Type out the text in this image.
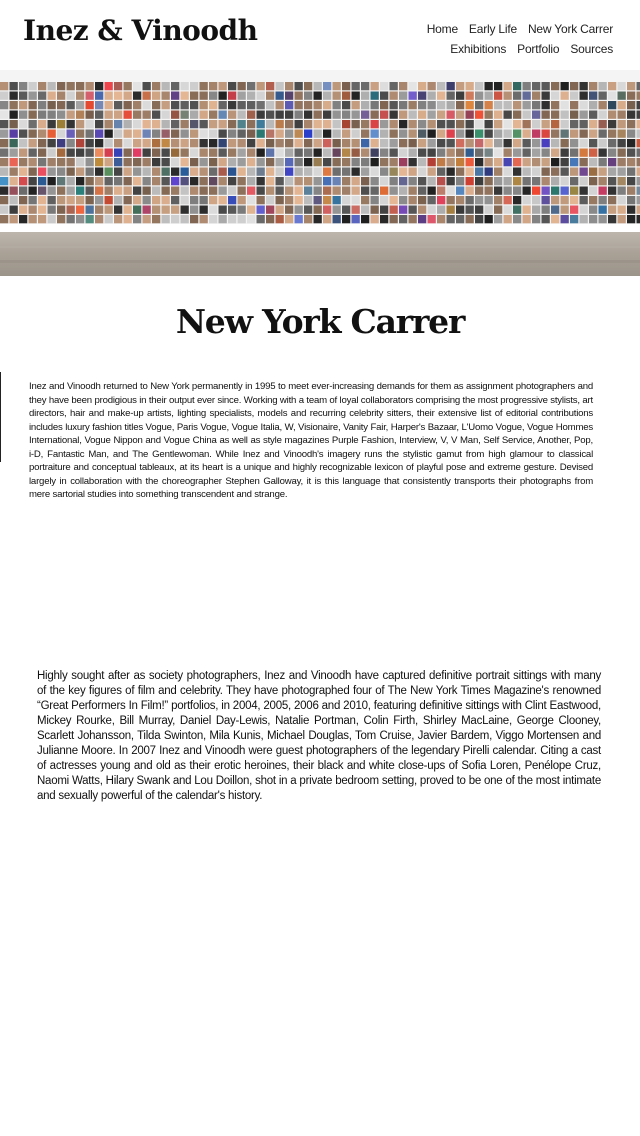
Inez & Vinoodh	Home Early Life New York Carrer
Exhibitions Portfolio Sources
New York Carrer

Inez and Vinoodh returned to New York permanently in 1995 to meet ever-increasing demands for them as assignment photographers and they have been prodigious in their output ever since. Working with a team of loyal collaborators comprising the most progressive stylists, art directors, hair and make-up artists, lighting specialists, models and recurring celebrity sitters, their extensive list of editorial contributions includes luxury fashion titles Vogue, Paris Vogue, Vogue Italia, W, Visionaire, Vanity Fair, Harper's Bazaar, L'Uomo Vogue, Vogue Hommes International, Vogue Nippon and Vogue China as well as style magazines Purple Fashion, Interview, V, V Man, Self Service, Another, Pop, i-D, Fantastic Man, and The Gentlewoman. While Inez and Vinoodh's imagery runs the stylistic gamut from high glamour to classical portraiture and conceptual tableaux, at its heart is a unique and highly recognizable lexicon of playful pose and extreme gesture. Devised largely in collaboration with the choreographer Stephen Galloway, it is this language that consistently transports their photographs from mere sartorial studies into something transcendent and strange.

Highly sought after as society photographers, Inez and Vinoodh have captured definitive portrait sittings with many of the key figures of film and celebrity. They have photographed four of The New York Times Magazine's renowned “Great Performers In Film!” portfolios, in 2004, 2005, 2006 and 2010, featuring definitive sittings with Clint Eastwood, Mickey Rourke, Bill Murray, Daniel Day-Lewis, Natalie Portman, Colin Firth, Shirley MacLaine, George Clooney, Scarlett Johansson, Tilda Swinton, Mila Kunis, Michael Douglas, Tom Cruise, Javier Bardem, Viggo Mortensen and Julianne Moore. In 2007 Inez and Vinoodh were guest photographers of the legendary Pirelli calendar. Citing a cast of actresses young and old as their erotic heroines, their black and white close-ups of Sofia Loren, Penélope Cruz, Naomi Watts, Hilary Swank and Lou Doillon, shot in a private bedroom setting, proved to be one of the most intimate and sexually powerful of the calendar's history.
